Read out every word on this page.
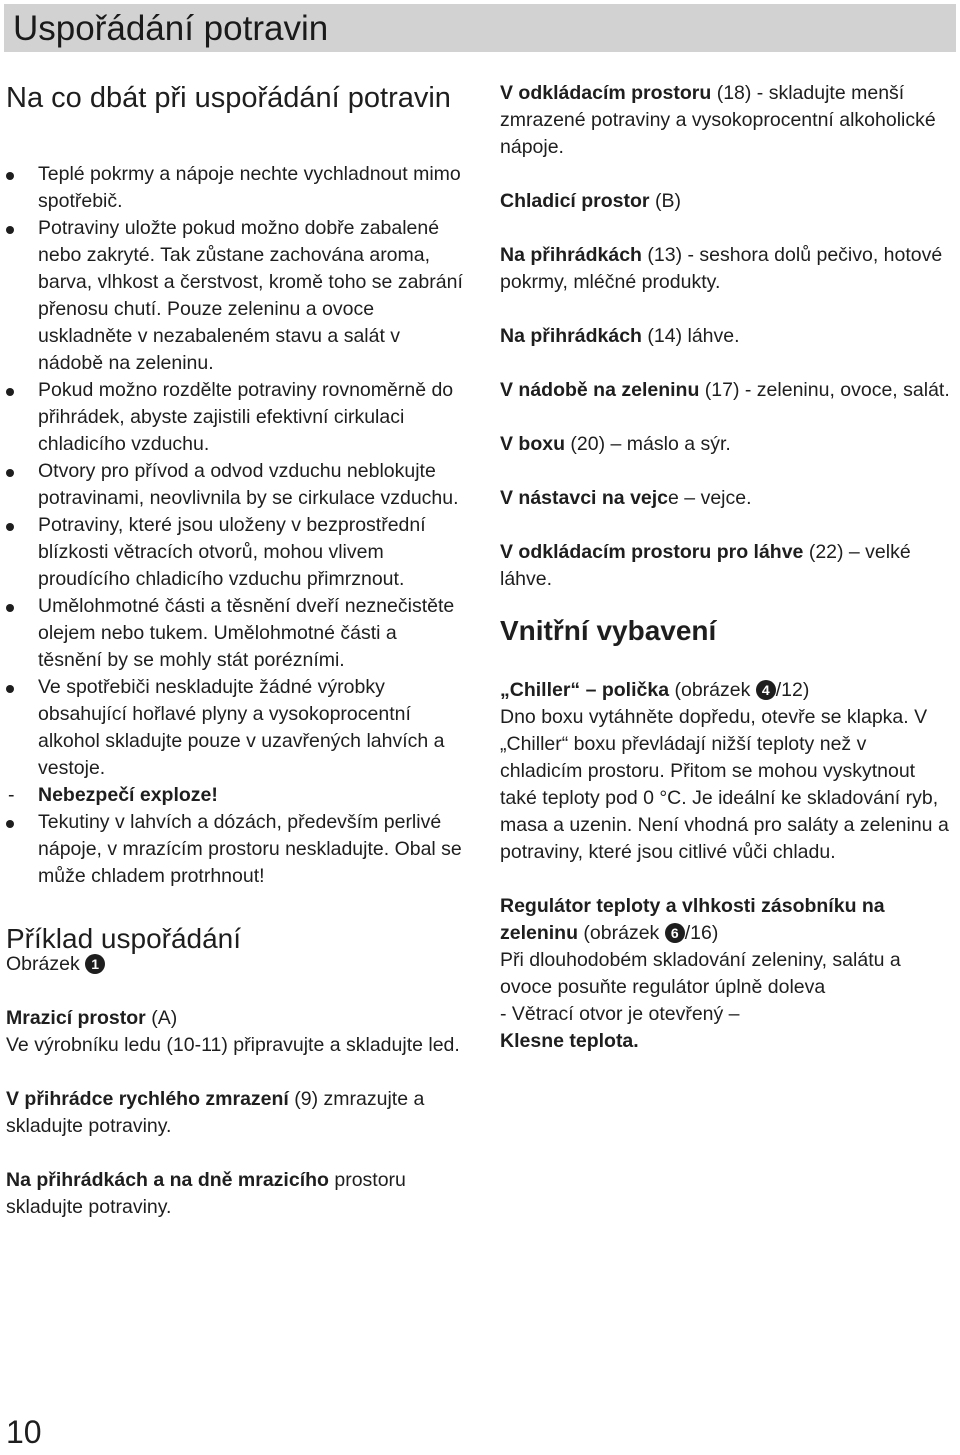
Uspořádání potravin
Na co dbát při uspořádání potravin
Teplé pokrmy a nápoje nechte vychladnout mimo spotřebič.
Potraviny uložte pokud možno dobře zabalené nebo zakryté. Tak zůstane zachována aroma, barva, vlhkost a čerstvost, kromě toho se zabrání přenosu chutí. Pouze zeleninu a ovoce uskladněte v nezabaleném stavu a salát v nádobě na zeleninu.
Pokud možno rozdělte potraviny rovnoměrně do přihrádek, abyste zajistili efektivní cirkulaci chladicího vzduchu.
Otvory pro přívod a odvod vzduchu neblokujte potravinami, neovlivnila by se cirkulace vzduchu.
Potraviny, které jsou uloženy v bezprostřední blízkosti větracích otvorů, mohou vlivem proudícího chladicího vzduchu přimrznout.
Umělohmotné části a těsnění dveří neznečistěte olejem nebo tukem. Umělohmotné části a těsnění by se mohly stát porézními.
Ve spotřebiči neskladujte žádné výrobky obsahující hořlavé plyny a vysokoprocentní alkohol skladujte pouze v uzavřených lahvích a vestoje.
-	Nebezpečí exploze!
Tekutiny v lahvích a dózách, především perlivé nápoje, v mrazícím prostoru neskladujte. Obal se může chladem protrhnout!
Příklad uspořádání

Obrázek 1

Mrazicí prostor (A)
Ve výrobníku ledu (10-11) připravujte a skladujte led.

V přihrádce rychlého zmrazení (9) zmrazujte a skladujte potraviny.

Na přihrádkách a na dně mrazicího prostoru skladujte potraviny.

V odkládacím prostoru (18) - skladujte menší zmrazené potraviny a vysokoprocentní alkoholické nápoje.

Chladicí prostor (B)

Na přihrádkách (13) - seshora dolů pečivo, hotové pokrmy, mléčné produkty.

Na přihrádkách (14) láhve.

V nádobě na zeleninu (17) - zeleninu, ovoce, salát.

V boxu (20) – máslo a sýr.

V nástavci na vejce – vejce.

V odkládacím prostoru pro láhve (22) – velké láhve.

Vnitřní vybavení

„Chiller“ – polička (obrázek 4 /12)
Dno boxu vytáhněte dopředu, otevře se klapka. V „Chiller“ boxu převládají nižší teploty než v chladicím prostoru. Přitom se mohou vyskytnout také teploty pod 0 °C. Je ideální ke skladování ryb, masa a uzenin. Není vhodná pro saláty a zeleninu a potraviny, které jsou citlivé vůči chladu.

Regulátor teploty a vlhkosti zásobníku na zeleninu (obrázek 6 /16)
Při dlouhodobém skladování zeleniny, salátu a ovoce posuňte regulátor úplně doleva
- Větrací otvor je otevřený –
Klesne teplota.

10
